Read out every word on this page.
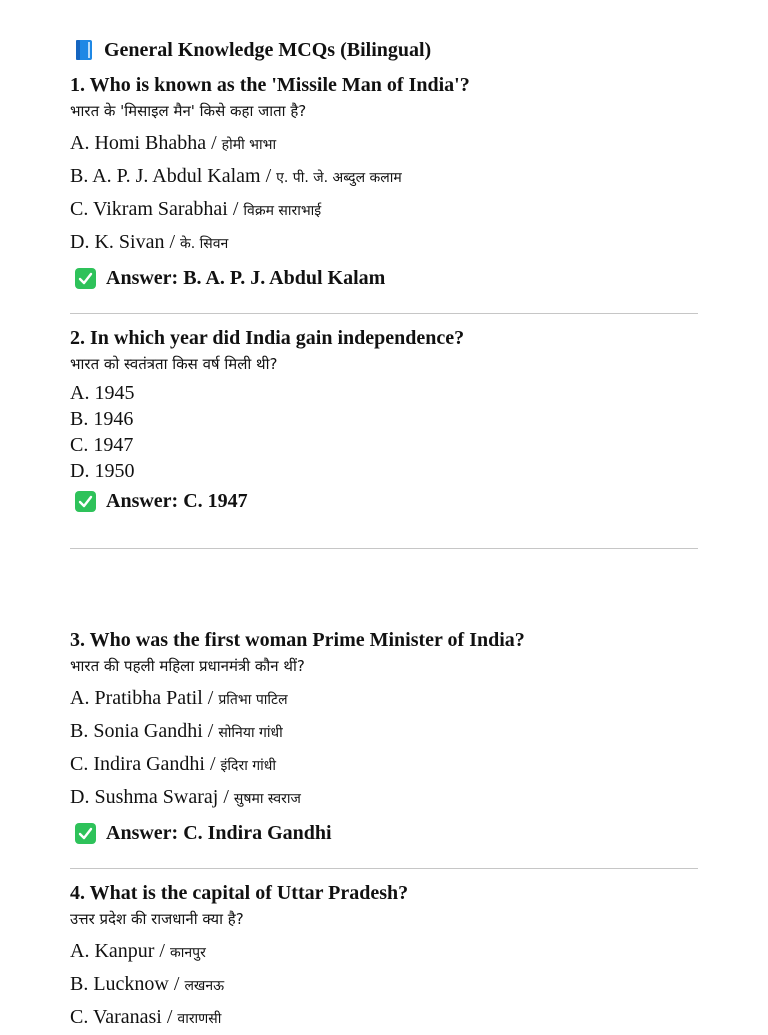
General Knowledge MCQs (Bilingual)
1. Who is known as the 'Missile Man of India'?
भारत के 'मिसाइल मैन' किसे कहा जाता है?
A. Homi Bhabha / होमी भाभा
B. A. P. J. Abdul Kalam / ए. पी. जे. अब्दुल कलाम
C. Vikram Sarabhai / विक्रम साराभाई
D. K. Sivan / के. सिवन
Answer: B. A. P. J. Abdul Kalam
2. In which year did India gain independence?
भारत को स्वतंत्रता किस वर्ष मिली थी?
A. 1945
B. 1946
C. 1947
D. 1950
Answer: C. 1947
3. Who was the first woman Prime Minister of India?
भारत की पहली महिला प्रधानमंत्री कौन थीं?
A. Pratibha Patil / प्रतिभा पाटिल
B. Sonia Gandhi / सोनिया गांधी
C. Indira Gandhi / इंदिरा गांधी
D. Sushma Swaraj / सुषमा स्वराज
Answer: C. Indira Gandhi
4. What is the capital of Uttar Pradesh?
उत्तर प्रदेश की राजधानी क्या है?
A. Kanpur / कानपुर
B. Lucknow / लखनऊ
C. Varanasi / वाराणसी
